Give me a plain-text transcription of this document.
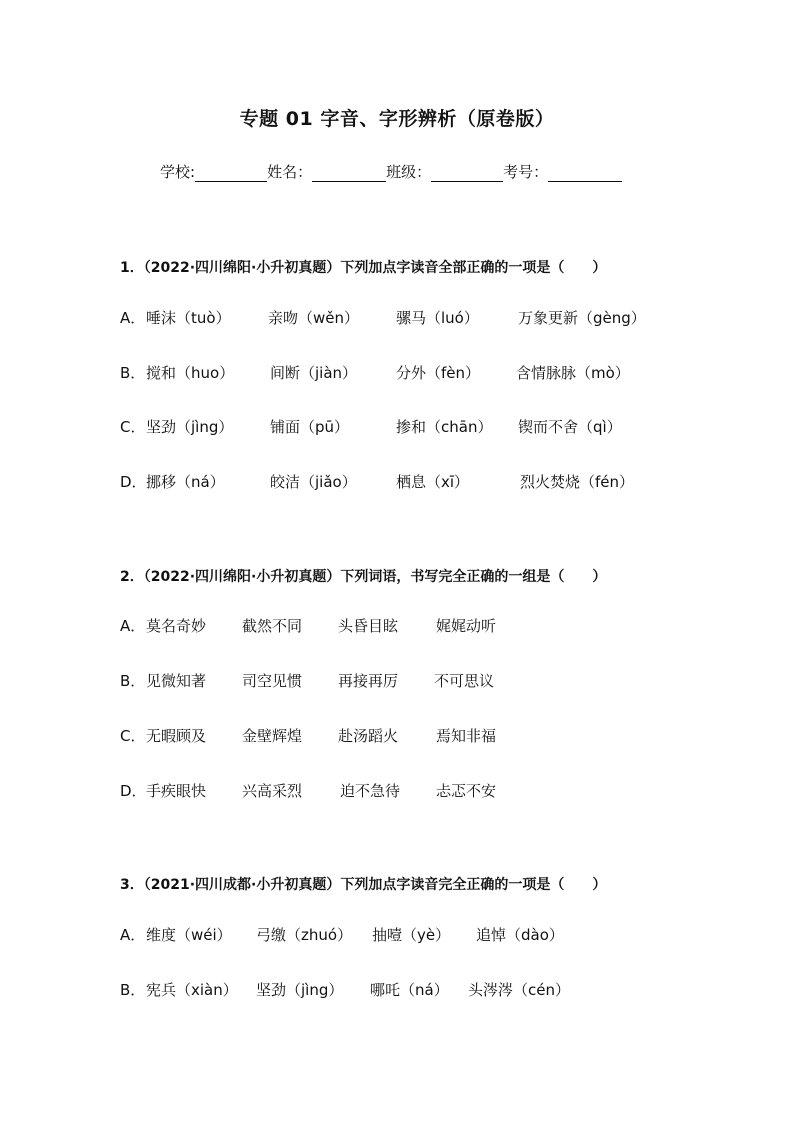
专题 01 字音、字形辨析（原卷版）
学校:	姓名：	班级：	考号：
1．（2022·四川绵阳·小升初真题）下列加点字读音全部正确的一项是（ ）
A． 唾沫（tuò） 亲吻（wěn） 骡马（luó）	万象更新（gèng）
B． 搅和（huo） 间断（jiàn）	分外（fèn） 含情脉脉（mò）
C． 坚劲（jìng） 铺面（pū）	掺和（chān） 锲而不舍（qì）
D． 挪移（ná）	皎洁（jiǎo）	栖息（xī）	烈火焚烧（fén）
2．（2022·四川绵阳·小升初真题）下列词语，书写完全正确的一组是（ ）
A． 莫名奇妙 截然不同 头昏目眩	娓娓动听
B． 见微知著 司空见惯 再接再厉 不可思议
C． 无暇顾及 金壁辉煌 赴汤蹈火	焉知非福
D． 手疾眼快 兴高采烈	迫不急待 忐忑不安
3．（2021·四川成都·小升初真题）下列加点字读音完全正确的一项是（ ）
A． 维度（wéi） 弓缴（zhuó） 抽噎（yè） 追悼（dào）
B． 宪兵（xiàn） 坚劲（jìng） 哪吒（ná） 头涔涔（cén）
